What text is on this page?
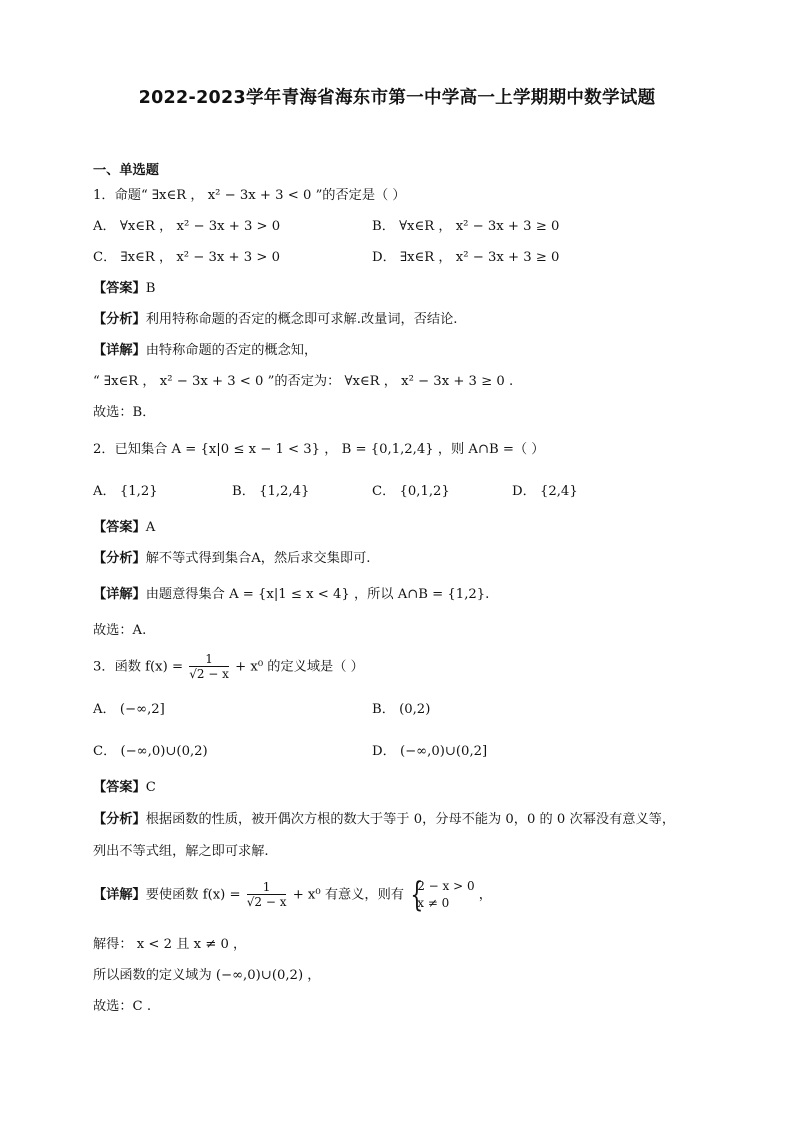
2022-2023学年青海省海东市第一中学高一上学期期中数学试题
一、单选题
1．命题“ ∃x∈R ， x² − 3x + 3 < 0 ”的否定是（ ）
A． ∀x∈R ， x² − 3x + 3 > 0	B． ∀x∈R ， x² − 3x + 3 ≥ 0
C． ∃x∈R ， x² − 3x + 3 > 0	D． ∃x∈R ， x² − 3x + 3 ≥ 0
【答案】B
【分析】利用特称命题的否定的概念即可求解.改量词，否结论.
【详解】由特称命题的否定的概念知，
“ ∃x∈R ， x² − 3x + 3 < 0 ”的否定为： ∀x∈R ， x² − 3x + 3 ≥ 0 .
故选：B．
2．已知集合 A = {x|0 ≤ x − 1 < 3} ， B = {0,1,2,4} ，则 A∩B =（ ）
A． {1,2}	B． {1,2,4}	C． {0,1,2}	D． {2,4}
【答案】A
【分析】解不等式得到集合A，然后求交集即可.
【详解】由题意得集合 A = {x|1 ≤ x < 4} ，所以 A∩B = {1,2}.
故选：A.
3．函数 $f(x) = \frac{1}{√2 - x} + x^0$ 的定义域是（ ）
A． (−∞,2]	B． (0,2)
C． (−∞,0)∪(0,2)	D． (−∞,0)∪(0,2]
【答案】C
【分析】根据函数的性质，被开偶次方根的数大于等于 0，分母不能为 0，0 的 0 次幂没有意义等，
列出不等式组，解之即可求解.
【详解】要使函数 $f(x) = \frac{1}{√2 - x} + x^0$ 有意义，则有 {
2 − x > 0
x ≠ 0
，
解得： x < 2 且 x ≠ 0 ，
所以函数的定义域为 (−∞,0)∪(0,2) ，
故选：C .
